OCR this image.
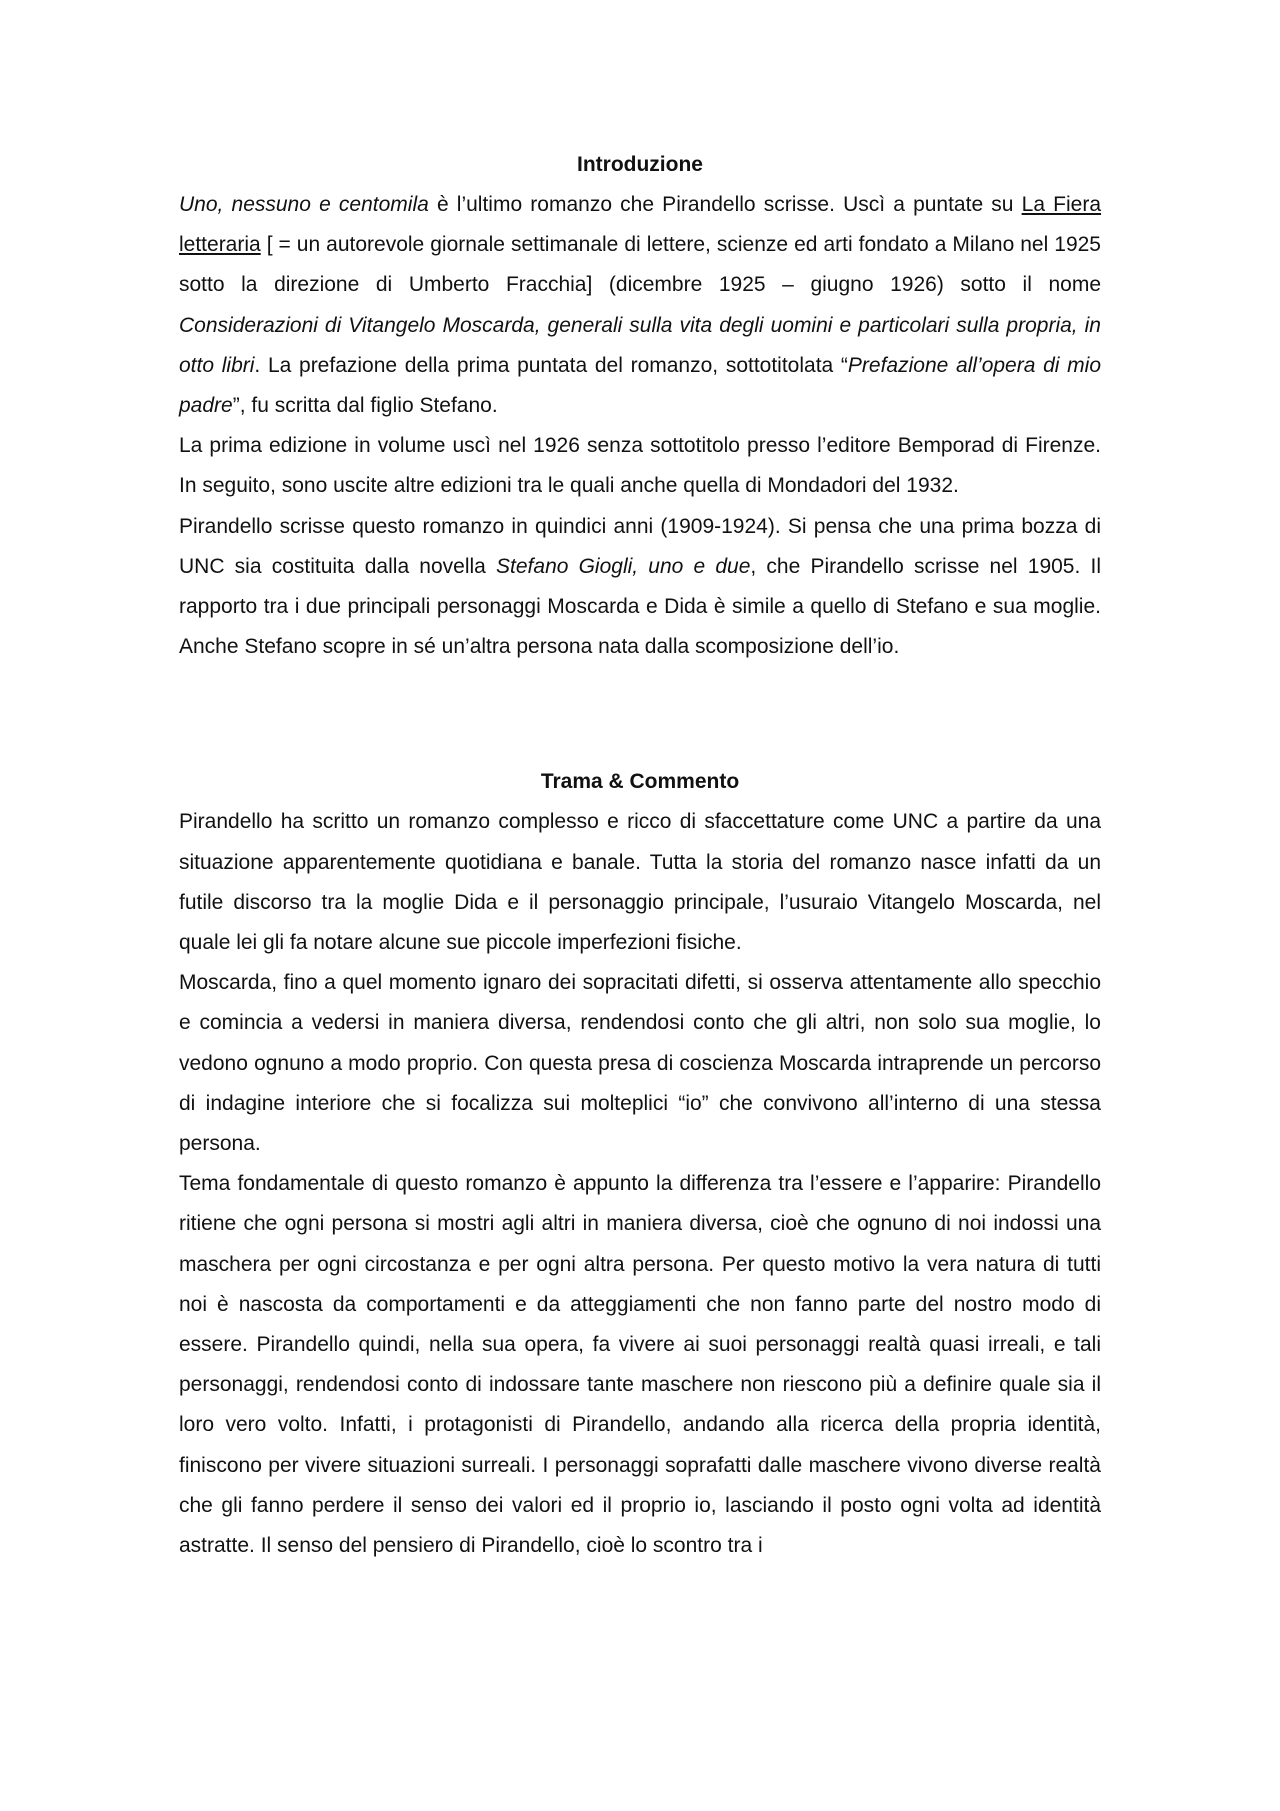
Introduzione

Uno, nessuno e centomila è l’ultimo romanzo che Pirandello scrisse. Uscì a puntate su La Fiera letteraria [ = un autorevole giornale settimanale di lettere, scienze ed arti fondato a Milano nel 1925 sotto la direzione di Umberto Fracchia] (dicembre 1925 – giugno 1926) sotto il nome Considerazioni di Vitangelo Moscarda, generali sulla vita degli uomini e particolari sulla propria, in otto libri. La prefazione della prima puntata del romanzo, sottotitolata “Prefazione all’opera di mio padre”, fu scritta dal figlio Stefano.

La prima edizione in volume uscì nel 1926 senza sottotitolo presso l’editore Bemporad di Firenze. In seguito, sono uscite altre edizioni tra le quali anche quella di Mondadori del 1932.

Pirandello scrisse questo romanzo in quindici anni (1909-1924). Si pensa che una prima bozza di UNC sia costituita dalla novella Stefano Giogli, uno e due, che Pirandello scrisse nel 1905. Il rapporto tra i due principali personaggi Moscarda e Dida è simile a quello di Stefano e sua moglie. Anche Stefano scopre in sé un’altra persona nata dalla scomposizione dell’io.

Trama & Commento

Pirandello ha scritto un romanzo complesso e ricco di sfaccettature come UNC a partire da una situazione apparentemente quotidiana e banale. Tutta la storia del romanzo nasce infatti da un futile discorso tra la moglie Dida e il personaggio principale, l’usuraio Vitangelo Moscarda, nel quale lei gli fa notare alcune sue piccole imperfezioni fisiche.

Moscarda, fino a quel momento ignaro dei sopracitati difetti, si osserva attentamente allo specchio e comincia a vedersi in maniera diversa, rendendosi conto che gli altri, non solo sua moglie, lo vedono ognuno a modo proprio. Con questa presa di coscienza Moscarda intraprende un percorso di indagine interiore che si focalizza sui molteplici “io” che convivono all’interno di una stessa persona.

Tema fondamentale di questo romanzo è appunto la differenza tra l’essere e l’apparire: Pirandello ritiene che ogni persona si mostri agli altri in maniera diversa, cioè che ognuno di noi indossi una maschera per ogni circostanza e per ogni altra persona. Per questo motivo la vera natura di tutti noi è nascosta da comportamenti e da atteggiamenti che non fanno parte del nostro modo di essere. Pirandello quindi, nella sua opera, fa vivere ai suoi personaggi realtà quasi irreali, e tali personaggi, rendendosi conto di indossare tante maschere non riescono più a definire quale sia il loro vero volto. Infatti, i protagonisti di Pirandello, andando alla ricerca della propria identità, finiscono per vivere situazioni surreali. I personaggi soprafatti dalle maschere vivono diverse realtà che gli fanno perdere il senso dei valori ed il proprio io, lasciando il posto ogni volta ad identità astratte. Il senso del pensiero di Pirandello, cioè lo scontro tra i
